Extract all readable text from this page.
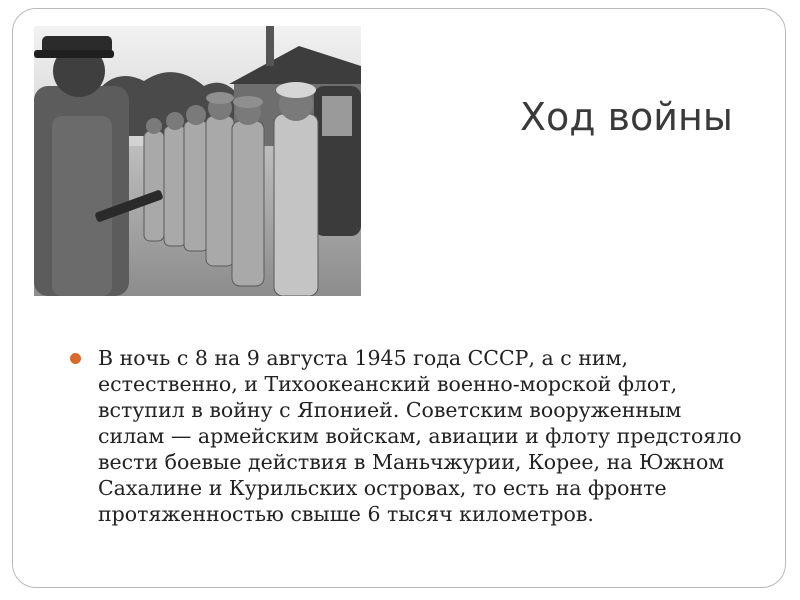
Ход войны

В ночь с 8 на 9 августа 1945 года СССР, а с ним, естественно, и Тихоокеанский военно-морской флот, вступил в войну с Японией. Советским вооруженным силам — армейским войскам, авиации и флоту предстояло вести боевые действия в Маньчжурии, Корее, на Южном Сахалине и Курильских островах, то есть на фронте протяженностью свыше 6 тысяч километров.
